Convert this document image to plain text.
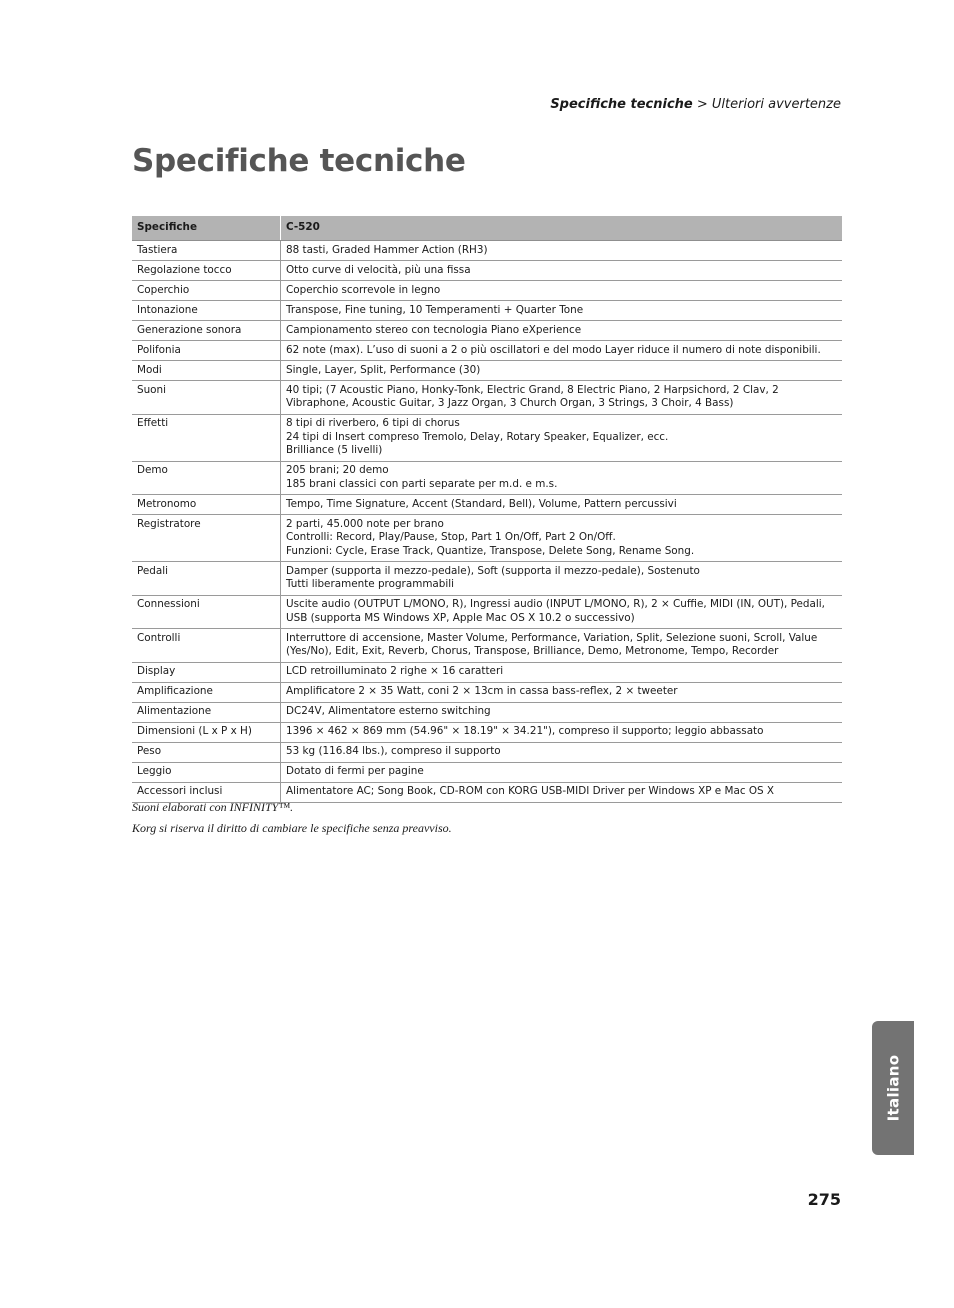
Specifiche tecniche > Ulteriori avvertenze
Specifiche tecniche
Specifiche	C-520
Tastiera	88 tasti, Graded Hammer Action (RH3)

Regolazione tocco	Otto curve di velocità, più una fissa

Coperchio	Coperchio scorrevole in legno

Intonazione	Transpose, Fine tuning, 10 Temperamenti + Quarter Tone

Generazione sonora	Campionamento stereo con tecnologia Piano eXperience

Polifonia	62 note (max). L’uso di suoni a 2 o più oscillatori e del modo Layer riduce il numero di note disponibili.

Modi	Single, Layer, Split, Performance (30)

Suoni	40 tipi; (7 Acoustic Piano, Honky-Tonk, Electric Grand, 8 Electric Piano, 2 Harpsichord, 2 Clav, 2 Vibraphone, Acoustic Guitar, 3 Jazz Organ, 3 Church Organ, 3 Strings, 3 Choir, 4 Bass)

Effetti	8 tipi di riverbero, 6 tipi di chorus
24 tipi di Insert compreso Tremolo, Delay, Rotary Speaker, Equalizer, ecc.
Brilliance (5 livelli)

Demo	205 brani; 20 demo
185 brani classici con parti separate per m.d. e m.s.

Metronomo	Tempo, Time Signature, Accent (Standard, Bell), Volume, Pattern percussivi

Registratore	2 parti, 45.000 note per brano
Controlli: Record, Play/Pause, Stop, Part 1 On/Off, Part 2 On/Off.
Funzioni: Cycle, Erase Track, Quantize, Transpose, Delete Song, Rename Song.

Pedali	Damper (supporta il mezzo-pedale), Soft (supporta il mezzo-pedale), Sostenuto
Tutti liberamente programmabili

Connessioni	Uscite audio (OUTPUT L/MONO, R), Ingressi audio (INPUT L/MONO, R), 2 × Cuffie, MIDI (IN, OUT), Pedali, USB (supporta MS Windows XP, Apple Mac OS X 10.2 o successivo)

Controlli	Interruttore di accensione, Master Volume, Performance, Variation, Split, Selezione suoni, Scroll, Value (Yes/No), Edit, Exit, Reverb, Chorus, Transpose, Brilliance, Demo, Metronome, Tempo, Recorder

Display	LCD retroilluminato 2 righe × 16 caratteri

Amplificazione	Amplificatore 2 × 35 Watt, coni 2 × 13cm in cassa bass-reflex, 2 × tweeter

Alimentazione	DC24V, Alimentatore esterno switching

Dimensioni (L x P x H)	1396 × 462 × 869 mm (54.96" × 18.19" × 34.21"), compreso il supporto; leggio abbassato

Peso	53 kg (116.84 lbs.), compreso il supporto

Leggio	Dotato di fermi per pagine

Accessori inclusi	Alimentatore AC; Song Book, CD-ROM con KORG USB-MIDI Driver per Windows XP e Mac OS X

Suoni elaborati con INFINITY™.

Korg si riserva il diritto di cambiare le specifiche senza preavviso.

Italiano
275
